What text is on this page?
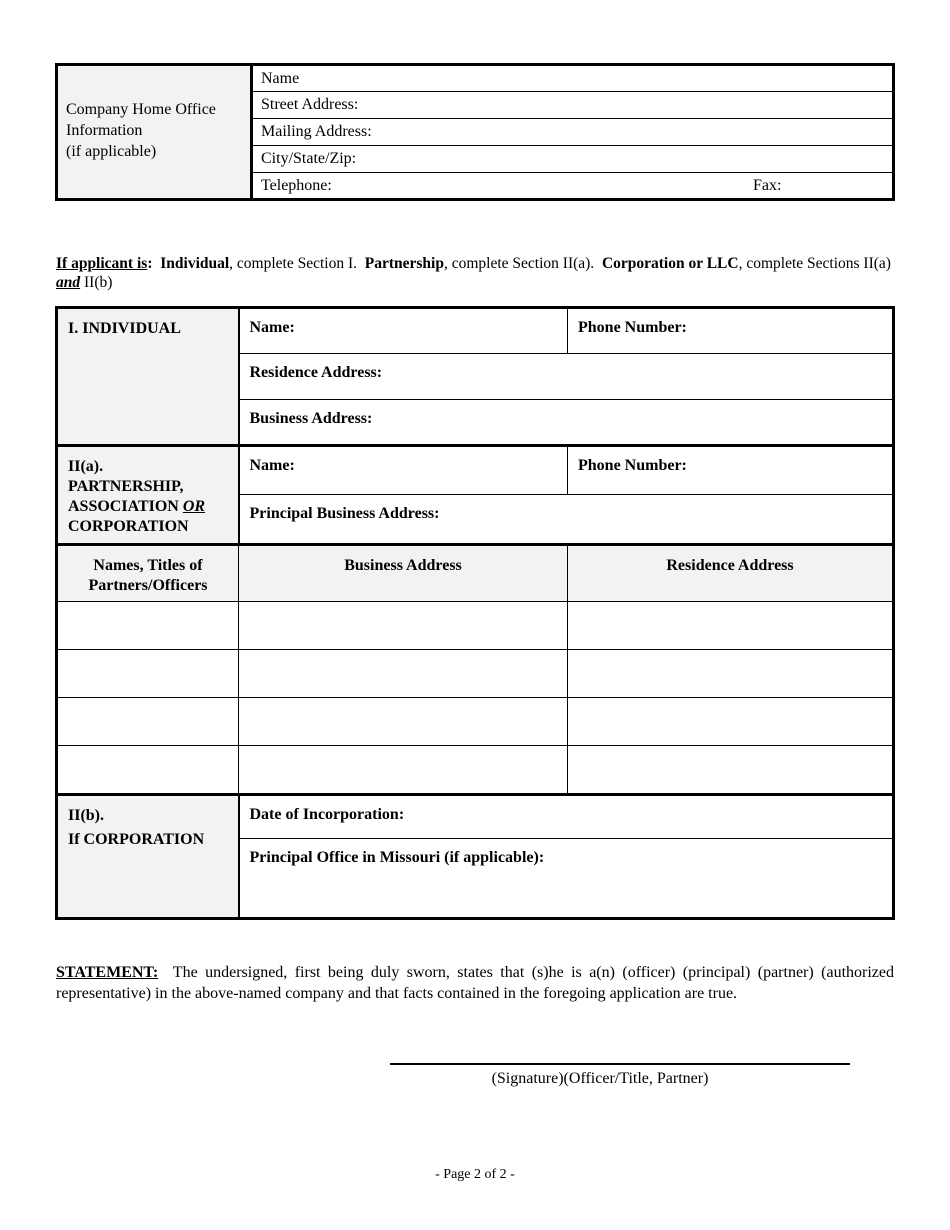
Company Home Office
Information
(if applicable)
	Name
Street Address:
Mailing Address:
City/State/Zip:
Telephone:	Fax:
If applicant is: Individual, complete Section I. Partnership, complete Section II(a). Corporation or LLC, complete Sections II(a) and II(b)
I. INDIVIDUAL	Name:	Phone Number:
	Residence Address:	
	Business Address:	

II(a).
PARTNERSHIP,
ASSOCIATION OR
CORPORATION	Name:	Phone Number:
	Principal Business Address:	

Names, Titles of
Partners/Officers	Business Address	Residence Address

II(b).
If CORPORATION	Date of Incorporation:	
	Principal Office in Missouri (if applicable):	
STATEMENT: The undersigned, first being duly sworn, states that (s)he is a(n) (officer) (principal) (partner) (authorized representative) in the above-named company and that facts contained in the foregoing application are true.
(Signature)(Officer/Title, Partner)
- Page 2 of 2 -
